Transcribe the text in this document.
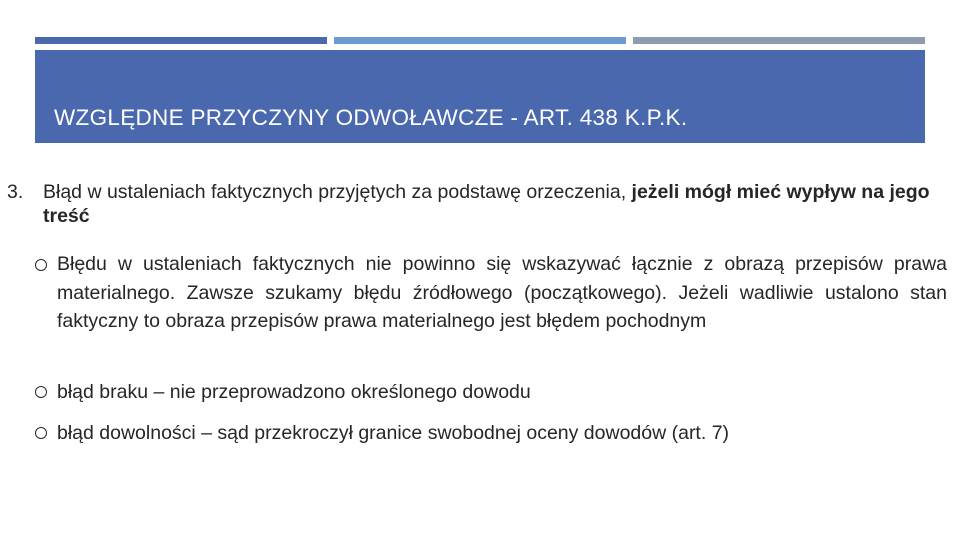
WZGLĘDNE PRZYCZYNY ODWOŁAWCZE - ART. 438 K.P.K.
3. Błąd w ustaleniach faktycznych przyjętych za podstawę orzeczenia, jeżeli mógł mieć wypływ na jego treść
Błędu w ustaleniach faktycznych nie powinno się wskazywać łącznie z obrazą przepisów prawa materialnego. Zawsze szukamy błędu źródłowego (początkowego). Jeżeli wadliwie ustalono stan faktyczny to obraza przepisów prawa materialnego jest błędem pochodnym
błąd braku – nie przeprowadzono określonego dowodu
błąd dowolności – sąd przekroczył granice swobodnej oceny dowodów (art. 7)
